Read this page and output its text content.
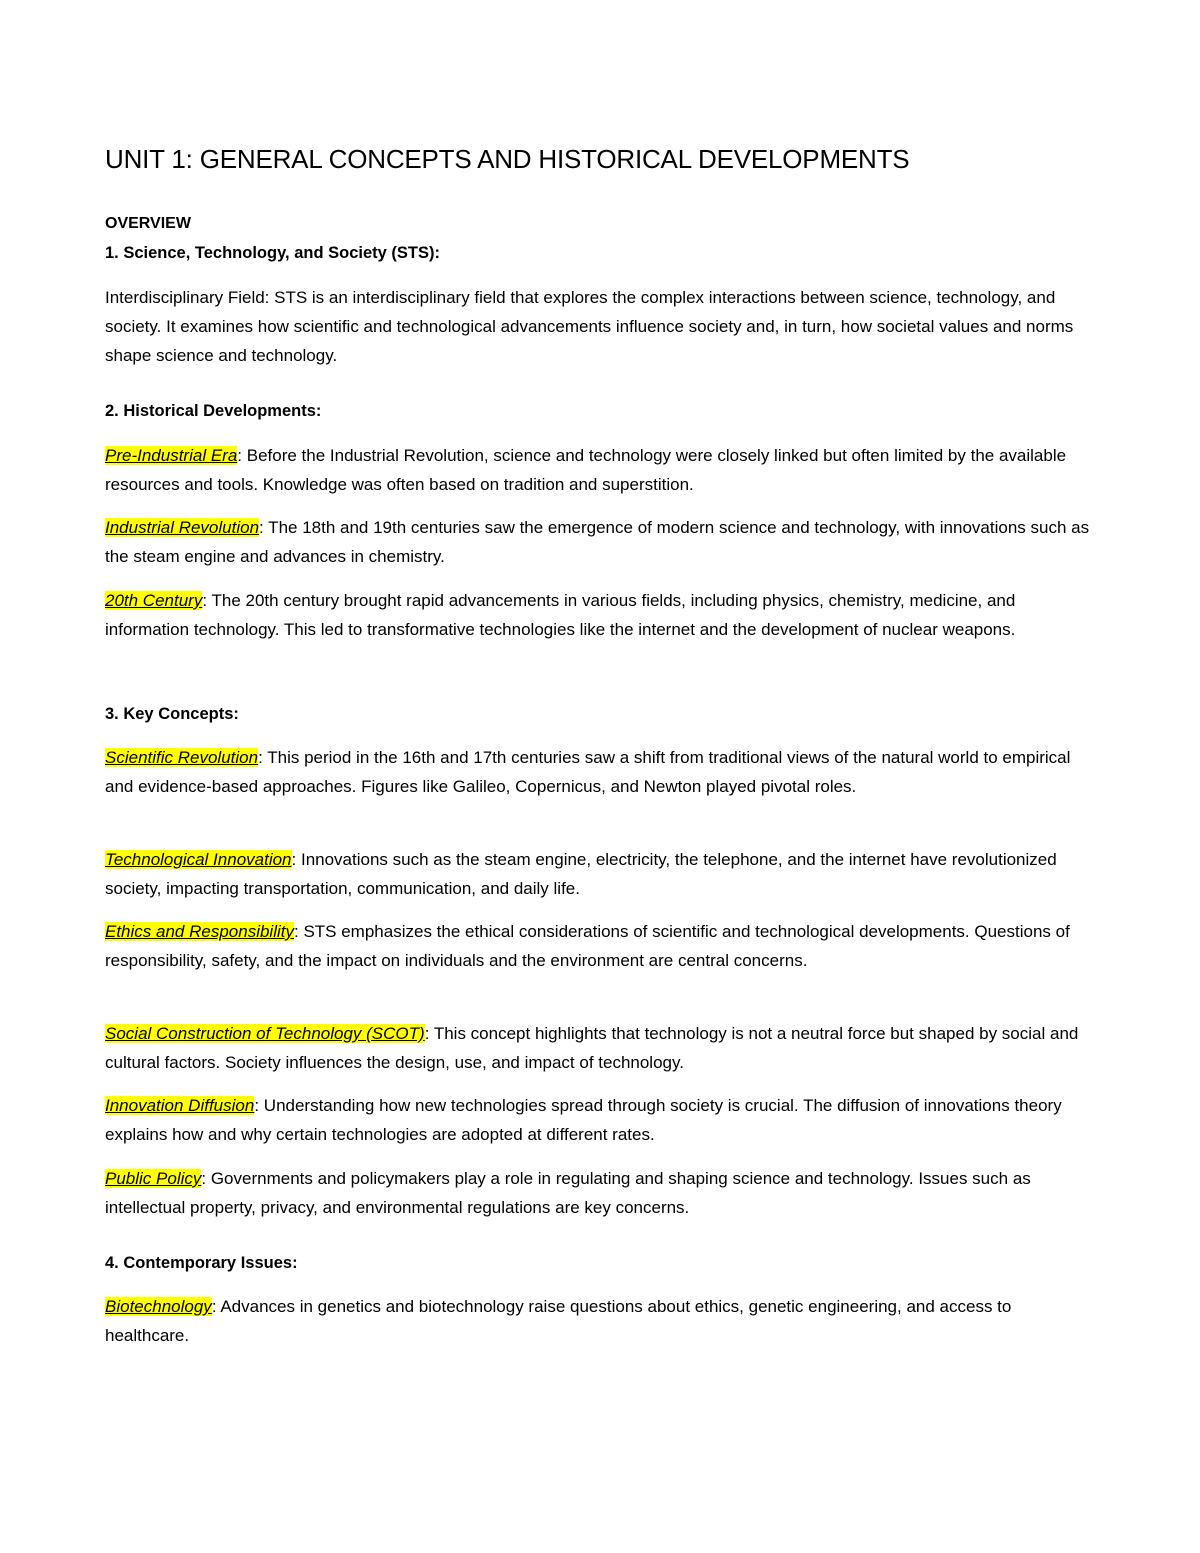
UNIT 1: GENERAL CONCEPTS AND HISTORICAL DEVELOPMENTS
OVERVIEW
1. Science, Technology, and Society (STS):

Interdisciplinary Field: STS is an interdisciplinary field that explores the complex interactions between science, technology, and society. It examines how scientific and technological advancements influence society and, in turn, how societal values and norms shape science and technology.

2. Historical Developments:

Pre-Industrial Era: Before the Industrial Revolution, science and technology were closely linked but often limited by the available resources and tools. Knowledge was often based on tradition and superstition.

Industrial Revolution: The 18th and 19th centuries saw the emergence of modern science and technology, with innovations such as the steam engine and advances in chemistry.

20th Century: The 20th century brought rapid advancements in various fields, including physics, chemistry, medicine, and information technology. This led to transformative technologies like the internet and the development of nuclear weapons.

3. Key Concepts:

Scientific Revolution: This period in the 16th and 17th centuries saw a shift from traditional views of the natural world to empirical and evidence-based approaches. Figures like Galileo, Copernicus, and Newton played pivotal roles.

Technological Innovation: Innovations such as the steam engine, electricity, the telephone, and the internet have revolutionized society, impacting transportation, communication, and daily life.

Ethics and Responsibility: STS emphasizes the ethical considerations of scientific and technological developments. Questions of responsibility, safety, and the impact on individuals and the environment are central concerns.

Social Construction of Technology (SCOT): This concept highlights that technology is not a neutral force but shaped by social and cultural factors. Society influences the design, use, and impact of technology.

Innovation Diffusion: Understanding how new technologies spread through society is crucial. The diffusion of innovations theory explains how and why certain technologies are adopted at different rates.

Public Policy: Governments and policymakers play a role in regulating and shaping science and technology. Issues such as intellectual property, privacy, and environmental regulations are key concerns.

4. Contemporary Issues:

Biotechnology: Advances in genetics and biotechnology raise questions about ethics, genetic engineering, and access to healthcare.
